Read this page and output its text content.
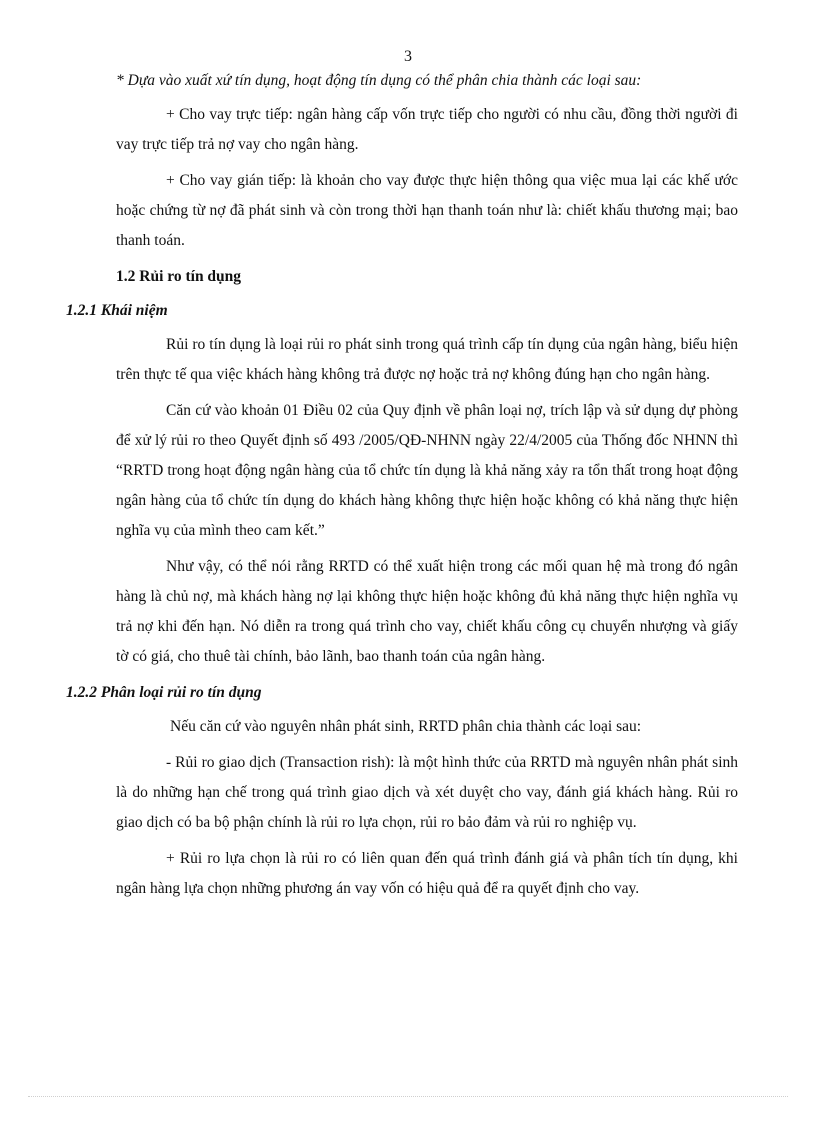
3

* Dựa vào xuất xứ tín dụng, hoạt động tín dụng có thể phân chia thành các loại sau:

+ Cho vay trực tiếp: ngân hàng cấp vốn trực tiếp cho người có nhu cầu, đồng thời người đi vay trực tiếp trả nợ vay cho ngân hàng.

+ Cho vay gián tiếp: là khoản cho vay được thực hiện thông qua việc mua lại các khế ước hoặc chứng từ nợ đã phát sinh và còn trong thời hạn thanh toán như là: chiết khấu thương mại; bao thanh toán.

1.2 Rủi ro tín dụng

1.2.1 Khái niệm

Rủi ro tín dụng là loại rủi ro phát sinh trong quá trình cấp tín dụng của ngân hàng, biểu hiện trên thực tế qua việc khách hàng không trả được nợ hoặc trả nợ không đúng hạn cho ngân hàng.

Căn cứ vào khoản 01 Điều 02 của Quy định về phân loại nợ, trích lập và sử dụng dự phòng để xử lý rủi ro theo Quyết định số 493 /2005/QĐ-NHNN ngày 22/4/2005 của Thống đốc NHNN thì “RRTD trong hoạt động ngân hàng của tổ chức tín dụng là khả năng xảy ra tổn thất trong hoạt động ngân hàng của tổ chức tín dụng do khách hàng không thực hiện hoặc không có khả năng thực hiện nghĩa vụ của mình theo cam kết.”

Như vậy, có thể nói rằng RRTD có thể xuất hiện trong các mối quan hệ mà trong đó ngân hàng là chủ nợ, mà khách hàng nợ lại không thực hiện hoặc không đủ khả năng thực hiện nghĩa vụ trả nợ khi đến hạn. Nó diễn ra trong quá trình cho vay, chiết khấu công cụ chuyển nhượng và giấy tờ có giá, cho thuê tài chính, bảo lãnh, bao thanh toán của ngân hàng.

1.2.2 Phân loại rủi ro tín dụng

Nếu căn cứ vào nguyên nhân phát sinh, RRTD phân chia thành các loại sau:

- Rủi ro giao dịch (Transaction rish): là một hình thức của RRTD mà nguyên nhân phát sinh là do những hạn chế trong quá trình giao dịch và xét duyệt cho vay, đánh giá khách hàng. Rủi ro giao dịch có ba bộ phận chính là rủi ro lựa chọn, rủi ro bảo đảm và rủi ro nghiệp vụ.

+ Rủi ro lựa chọn là rủi ro có liên quan đến quá trình đánh giá và phân tích tín dụng, khi ngân hàng lựa chọn những phương án vay vốn có hiệu quả để ra quyết định cho vay.
